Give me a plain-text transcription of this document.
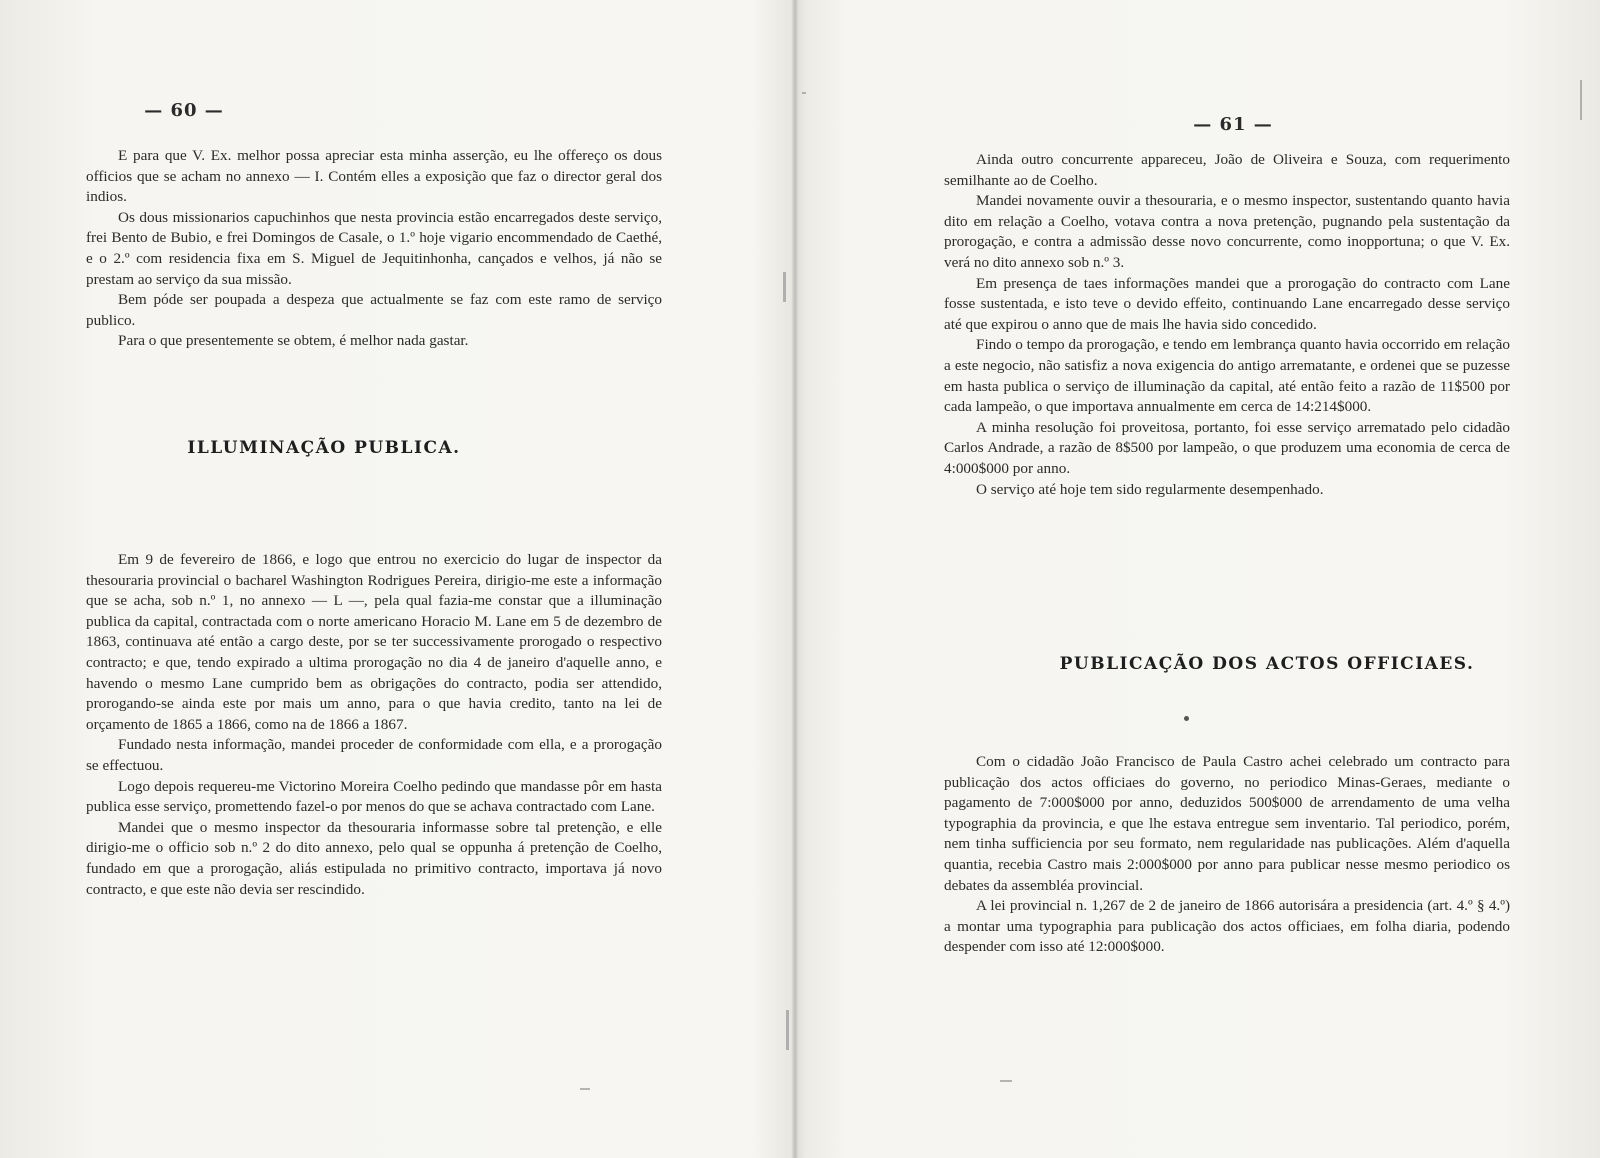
— 60 —

E para que V. Ex. melhor possa apreciar esta minha asserção, eu lhe offereço os dous officios que se acham no annexo — I. Contém elles a exposição que faz o director geral dos indios.

Os dous missionarios capuchinhos que nesta provincia estão encarregados deste serviço, frei Bento de Bubio, e frei Domingos de Casale, o 1.º hoje vigario encommendado de Caethé, e o 2.º com residencia fixa em S. Miguel de Jequitinhonha, cançados e velhos, já não se prestam ao serviço da sua missão.

Bem póde ser poupada a despeza que actualmente se faz com este ramo de serviço publico.

Para o que presentemente se obtem, é melhor nada gastar.

ILLUMINAÇÃO PUBLICA.

Em 9 de fevereiro de 1866, e logo que entrou no exercicio do lugar de inspector da thesouraria provincial o bacharel Washington Rodrigues Pereira, dirigio-me este a informação que se acha, sob n.º 1, no annexo — L —, pela qual fazia-me constar que a illuminação publica da capital, contractada com o norte americano Horacio M. Lane em 5 de dezembro de 1863, continuava até então a cargo deste, por se ter successivamente prorogado o respectivo contracto; e que, tendo expirado a ultima prorogação no dia 4 de janeiro d'aquelle anno, e havendo o mesmo Lane cumprido bem as obrigações do contracto, podia ser attendido, prorogando-se ainda este por mais um anno, para o que havia credito, tanto na lei de orçamento de 1865 a 1866, como na de 1866 a 1867.

Fundado nesta informação, mandei proceder de conformidade com ella, e a prorogação se effectuou.

Logo depois requereu-me Victorino Moreira Coelho pedindo que mandasse pôr em hasta publica esse serviço, promettendo fazel-o por menos do que se achava contractado com Lane.

Mandei que o mesmo inspector da thesouraria informasse sobre tal pretenção, e elle dirigio-me o officio sob n.º 2 do dito annexo, pelo qual se oppunha á pretenção de Coelho, fundado em que a prorogação, aliás estipulada no primitivo contracto, importava já novo contracto, e que este não devia ser rescindido.

— 61 —

Ainda outro concurrente appareceu, João de Oliveira e Souza, com requerimento semilhante ao de Coelho.

Mandei novamente ouvir a thesouraria, e o mesmo inspector, sustentando quanto havia dito em relação a Coelho, votava contra a nova pretenção, pugnando pela sustentação da prorogação, e contra a admissão desse novo concurrente, como inopportuna; o que V. Ex. verá no dito annexo sob n.º 3.

Em presença de taes informações mandei que a prorogação do contracto com Lane fosse sustentada, e isto teve o devido effeito, continuando Lane encarregado desse serviço até que expirou o anno que de mais lhe havia sido concedido.

Findo o tempo da prorogação, e tendo em lembrança quanto havia occorrido em relação a este negocio, não satisfiz a nova exigencia do antigo arrematante, e ordenei que se puzesse em hasta publica o serviço de illuminação da capital, até então feito a razão de 11$500 por cada lampeão, o que importava annualmente em cerca de 14:214$000.

A minha resolução foi proveitosa, portanto, foi esse serviço arrematado pelo cidadão Carlos Andrade, a razão de 8$500 por lampeão, o que produzem uma economia de cerca de 4:000$000 por anno.

O serviço até hoje tem sido regularmente desempenhado.

PUBLICAÇÃO DOS ACTOS OFFICIAES.

Com o cidadão João Francisco de Paula Castro achei celebrado um contracto para publicação dos actos officiaes do governo, no periodico Minas-Geraes, mediante o pagamento de 7:000$000 por anno, deduzidos 500$000 de arrendamento de uma velha typographia da provincia, e que lhe estava entregue sem inventario. Tal periodico, porém, nem tinha sufficiencia por seu formato, nem regularidade nas publicações. Além d'aquella quantia, recebia Castro mais 2:000$000 por anno para publicar nesse mesmo periodico os debates da assembléa provincial.

A lei provincial n. 1,267 de 2 de janeiro de 1866 autorisára a presidencia (art. 4.º § 4.º) a montar uma typographia para publicação dos actos officiaes, em folha diaria, podendo despender com isso até 12:000$000.
